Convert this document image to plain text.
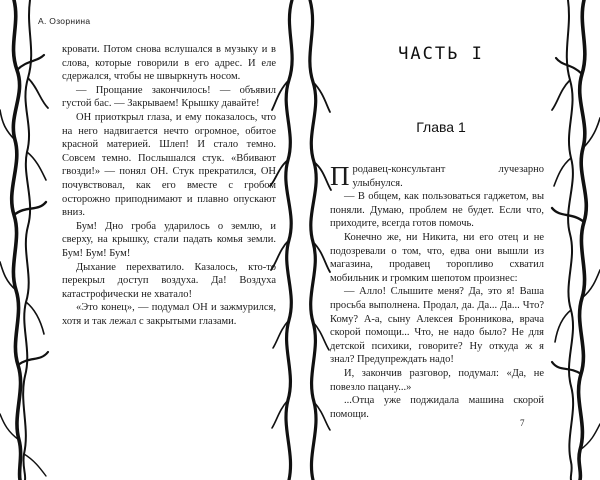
А. Озорнина

кровати. Потом снова вслушался в музыку и в слова, которые говорили в его адрес. И еле сдержался, чтобы не швыркнуть носом.

— Прощание закончилось! — объявил густой бас. — Закрываем! Крышку давайте!

ОН приоткрыл глаза, и ему показалось, что на него надвигается нечто огромное, обитое красной материей. Шлеп! И стало темно. Совсем темно. Послышался стук. «Вбивают гвозди!» — понял ОН. Стук прекратился, ОН почувствовал, как его вместе с гробом осторожно приподнимают и плавно опускают вниз.

Бум! Дно гроба ударилось о землю, и сверху, на крышку, стали падать комья земли. Бум! Бум! Бум!

Дыхание перехватило. Казалось, кто-то перекрыл доступ воздуха. Да! Воздуха катастрофически не хватало!

«Это конец», — подумал ОН и зажмурился, хотя и так лежал с закрытыми глазами.

ЧАСТЬ I
Глава 1

Продавец-консультант лучезарно улыбнулся.

— В общем, как пользоваться гаджетом, вы поняли. Думаю, проблем не будет. Если что, приходите, всегда готов помочь.

Конечно же, ни Никита, ни его отец и не подозревали о том, что, едва они вышли из магазина, продавец торопливо схватил мобильник и громким шепотом произнес:

— Алло! Слышите меня? Да, это я! Ваша просьба выполнена. Продал, да. Да... Да... Что? Кому? А-а, сыну Алексея Бронникова, врача скорой помощи... Что, не надо было? Не для детской психики, говорите? Ну откуда ж я знал? Предупреждать надо!

И, закончив разговор, подумал: «Да, не повезло пацану...»

...Отца уже поджидала машина скорой помощи.

7
